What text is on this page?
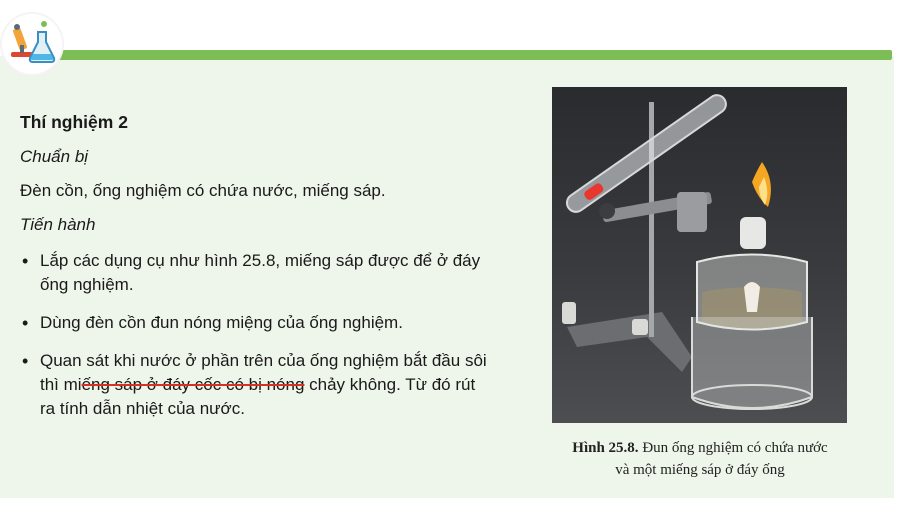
Thí nghiệm 2
Chuẩn bị
Đèn cồn, ống nghiệm có chứa nước, miếng sáp.
Tiến hành
• Lắp các dụng cụ như hình 25.8, miếng sáp được để ở đáy ống nghiệm.
• Dùng đèn cồn đun nóng miệng của ống nghiệm.
• Quan sát khi nước ở phần trên của ống nghiệm bắt đầu sôi thì miếng sáp ở đáy cốc có bị nóng chảy không. Từ đó rút ra tính dẫn nhiệt của nước.
Hình 25.8. Đun ống nghiệm có chứa nước
và một miếng sáp ở đáy ống
